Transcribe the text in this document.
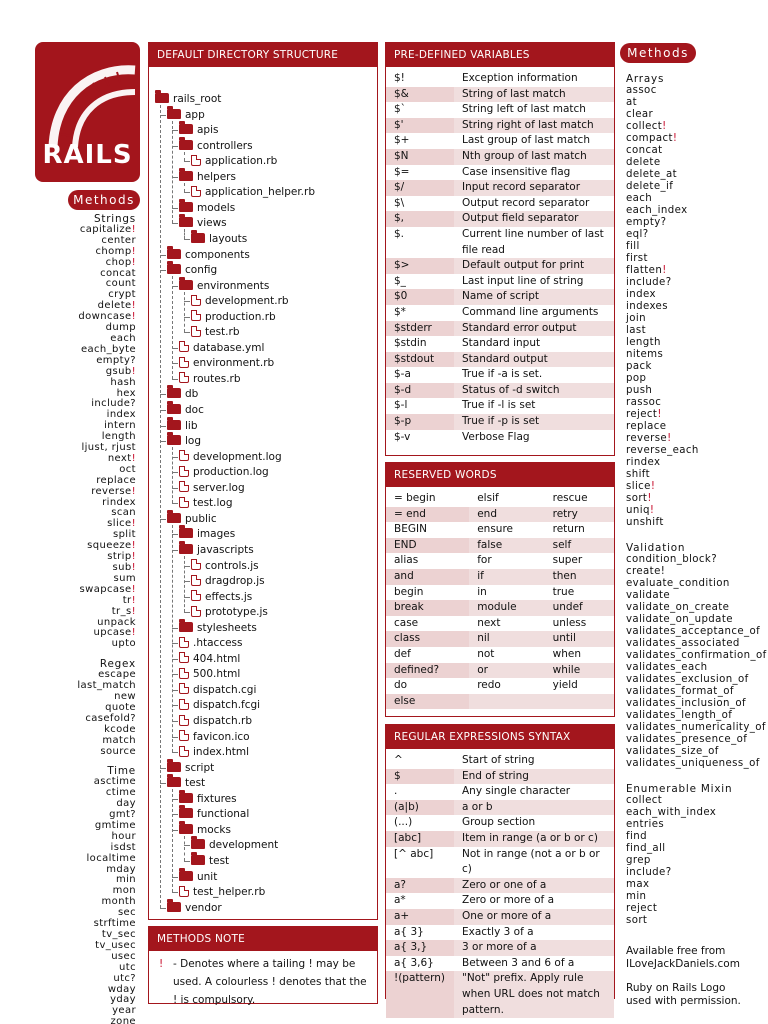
RAILS
Methods
Strings
capitalize!
center
chomp!
chop!
concat
count
crypt
delete!
downcase!
dump
each
each_byte
empty?
gsub!
hash
hex
include?
index
intern
length
ljust, rjust
next!
oct
replace
reverse!
rindex
scan
slice!
split
squeeze!
strip!
sub!
sum
swapcase!
tr!
tr_s!
unpack
upcase!
upto
Regex
escape
last_match
new
quote
casefold?
kcode
match
source
Time
asctime
ctime
day
gmt?
gmtime
hour
isdst
localtime
mday
min
mon
month
sec
strftime
tv_sec
tv_usec
usec
utc
utc?
wday
yday
year
zone
Methods
Arrays
assoc
at
clear
collect!
compact!
concat
delete
delete_at
delete_if
each
each_index
empty?
eql?
fill
first
flatten!
include?
index
indexes
join
last
length
nitems
pack
pop
push
rassoc
reject!
replace
reverse!
reverse_each
rindex
shift
slice!
sort!
uniq!
unshift
Validation
condition_block?
create!
evaluate_condition
validate
validate_on_create
validate_on_update
validates_acceptance_of
validates_associated
validates_confirmation_of
validates_each
validates_exclusion_of
validates_format_of
validates_inclusion_of
validates_length_of
validates_numericality_of
validates_presence_of
validates_size_of
validates_uniqueness_of
Enumerable Mixin
collect
each_with_index
entries
find
find_all
grep
include?
max
min
reject
sort
Available free from
ILoveJackDaniels.com
Ruby on Rails Logo
used with permission.
DEFAULT DIRECTORY STRUCTURE
rails_root
app
apis
controllers
application.rb
helpers
application_helper.rb
models
views
layouts
components
config
environments
development.rb
production.rb
test.rb
database.yml
environment.rb
routes.rb
db
doc
lib
log
development.log
production.log
server.log
test.log
public
images
javascripts
controls.js
dragdrop.js
effects.js
prototype.js
stylesheets
.htaccess
404.html
500.html
dispatch.cgi
dispatch.fcgi
dispatch.rb
favicon.ico
index.html
script
test
fixtures
functional
mocks
development
test
unit
test_helper.rb
vendor
METHODS NOTE
! - Denotes where a tailing ! may be
used. A colourless ! denotes that the
! is compulsory.
PRE-DEFINED VARIABLES
$!	Exception information
$&	String of last match
$`	String left of last match
$'	String right of last match
$+	Last group of last match
$N	Nth group of last match
$=	Case insensitive flag
$/	Input record separator
$\	Output record separator
$,	Output field separator
$.	Current line number of last file read
$>	Default output for print
$_	Last input line of string
$0	Name of script
$*	Command line arguments
$stderr	Standard error output
$stdin	Standard input
$stdout	Standard output
$-a	True if -a is set.
$-d	Status of -d switch
$-l	True if -l is set
$-p	True if -p is set
$-v	Verbose Flag
RESERVED WORDS
= begin	elsif	rescue
= end	end	retry
BEGIN	ensure	return
END	false	self
alias	for	super
and	if	then
begin	in	true
break	module	undef
case	next	unless
class	nil	until
def	not	when
defined?	or	while
do	redo	yield
else		
REGULAR EXPRESSIONS SYNTAX
^	Start of string
$	End of string
.	Any single character
(a|b)	a or b
(...)	Group section
[abc]	Item in range (a or b or c)
[^ abc]	Not in range (not a or b or c)
a?	Zero or one of a
a*	Zero or more of a
a+	One or more of a
a{ 3}	Exactly 3 of a
a{ 3,}	3 or more of a
a{ 3,6}	Between 3 and 6 of a
!(pattern)	"Not" prefix. Apply rule when URL does not match pattern.
